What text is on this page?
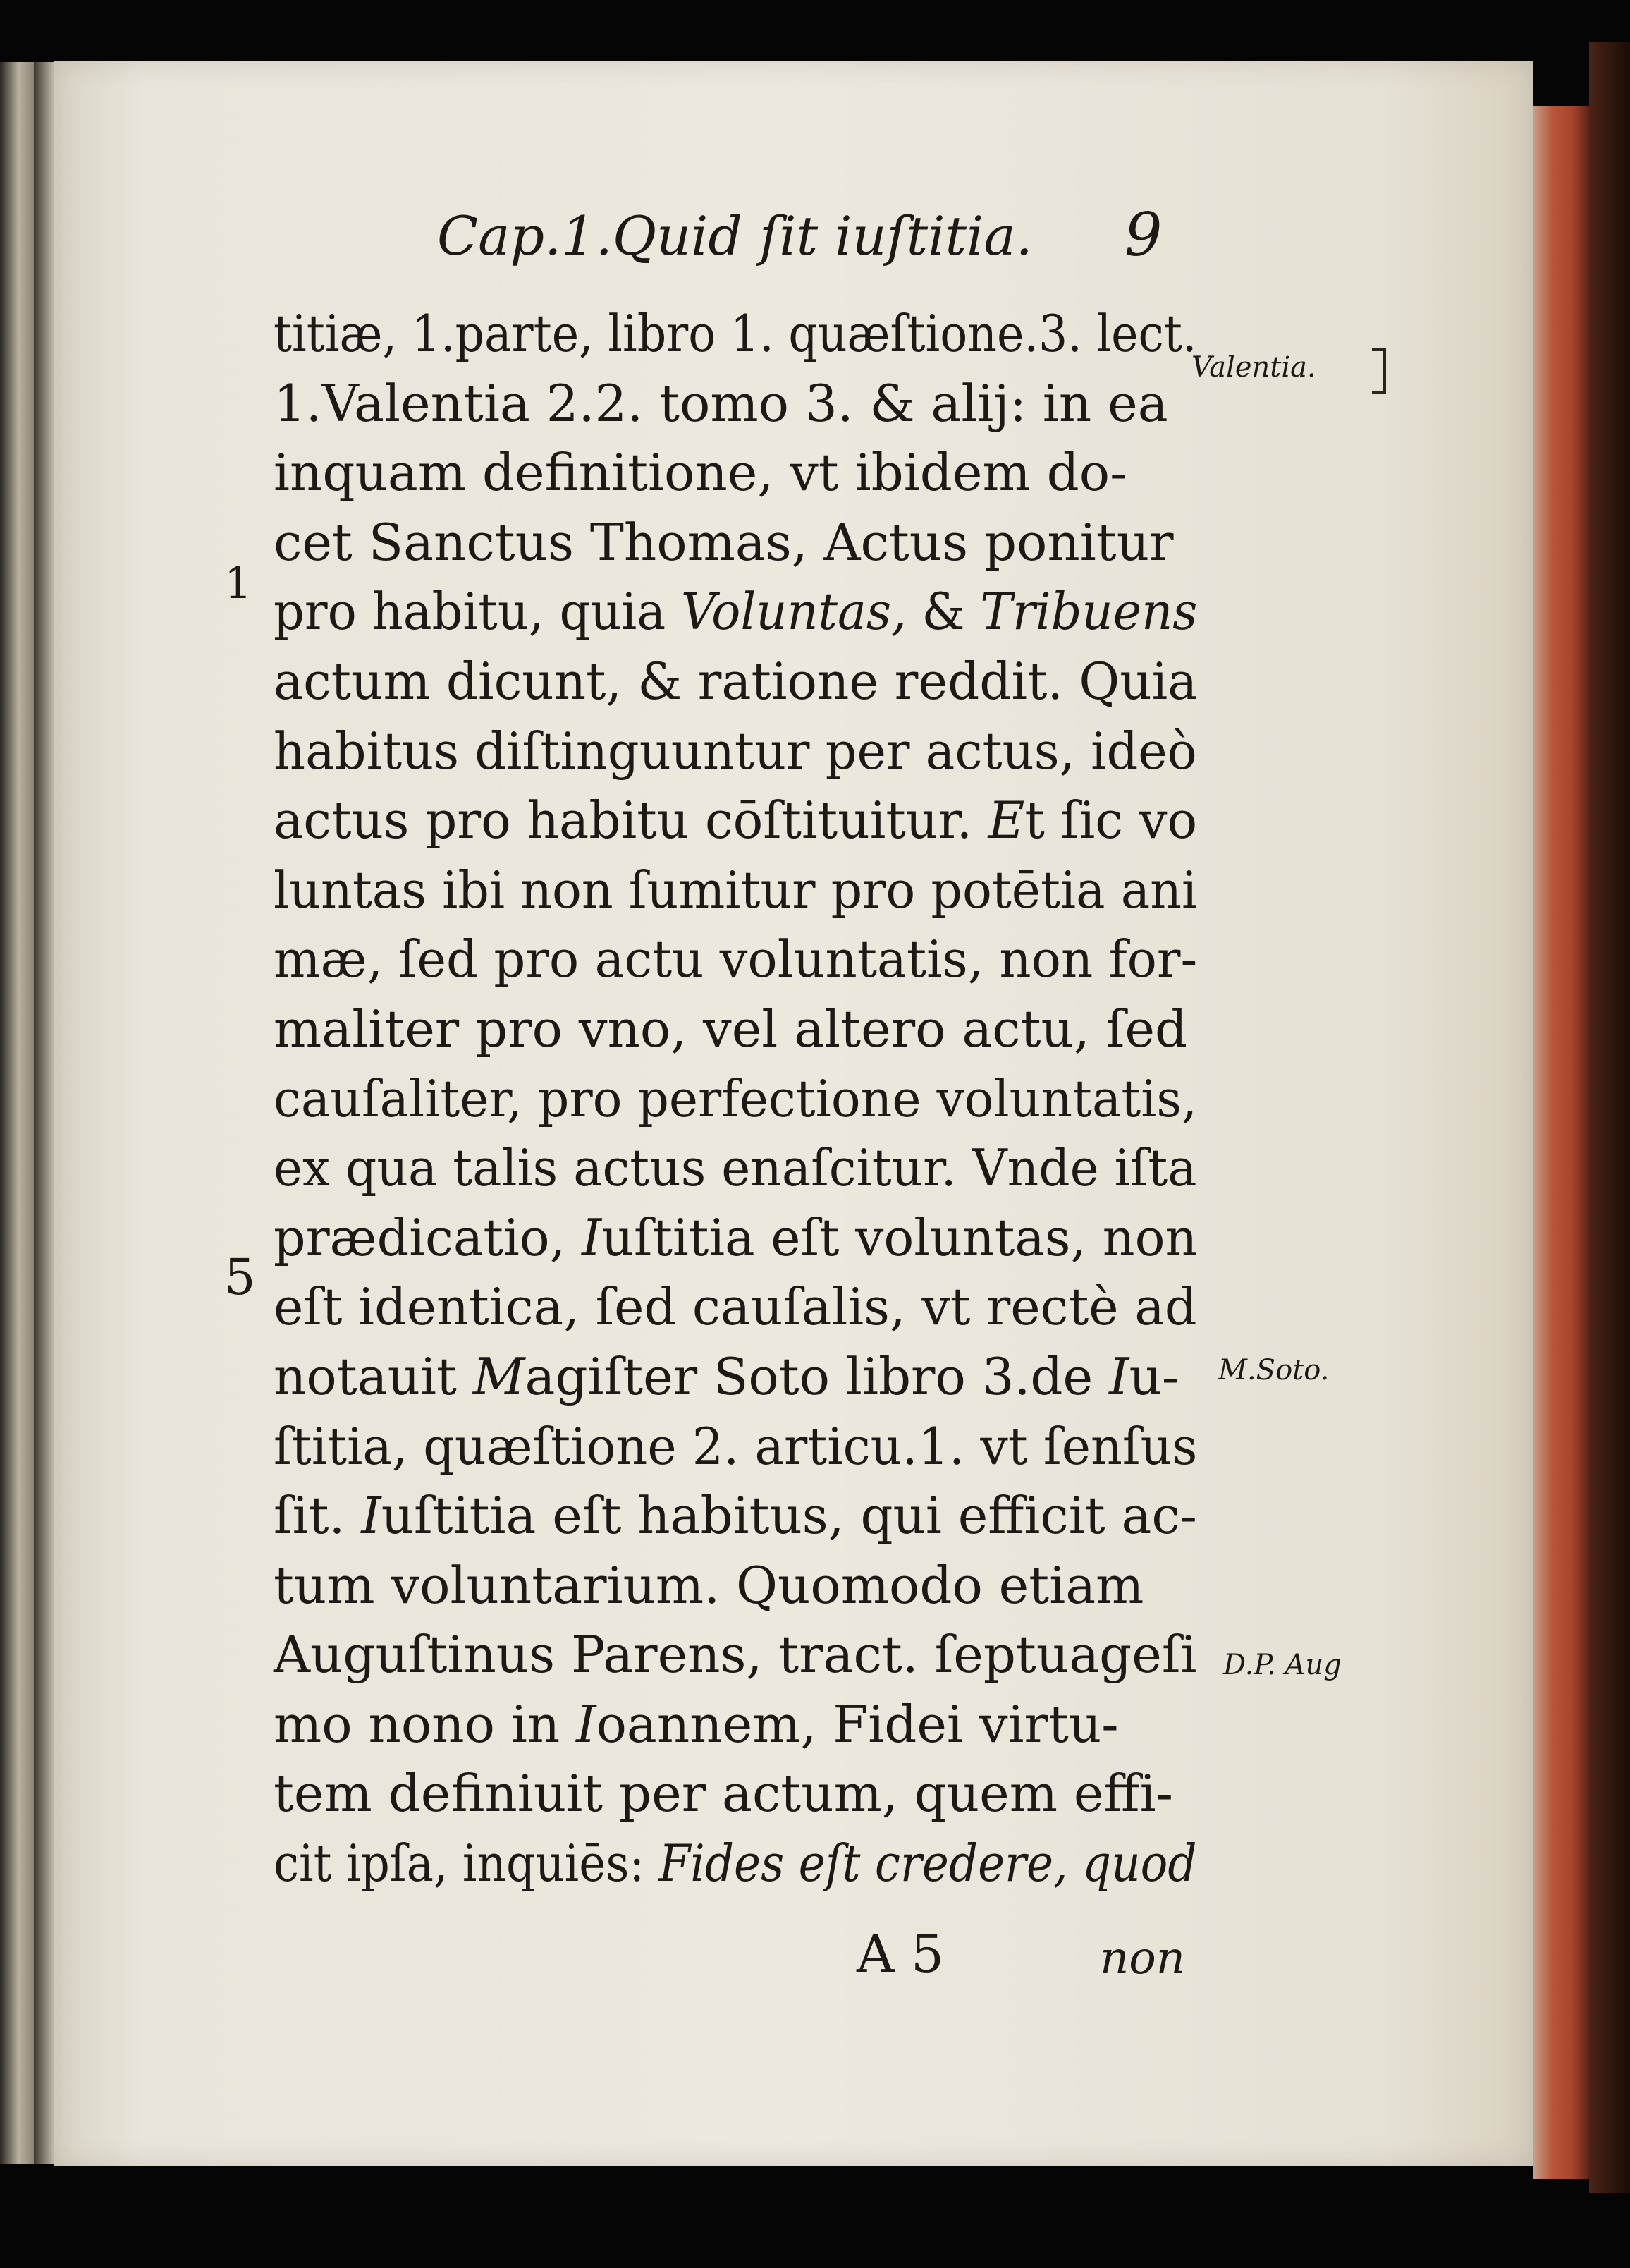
Cap.1.Quid ſit iuſtitia. 9
titiæ, 1.parte, libro 1. quæſtione.3. lect.
1.Valentia 2.2. tomo 3. & alij: in ea
inquam definitione, vt ibidem do-
cet Sanctus Thomas, Actus ponitur
pro habitu, quia Voluntas, & Tribuens
actum dicunt, & ratione reddit. Quia
habitus diſtinguuntur per actus, ideò
actus pro habitu cōſtituitur. Et ſic vo
luntas ibi non ſumitur pro potētia ani
mæ, ſed pro actu voluntatis, non for-
maliter pro vno, vel altero actu, ſed
cauſaliter, pro perfectione voluntatis,
ex qua talis actus enaſcitur. Vnde iſta
prædicatio, Iuſtitia eſt voluntas, non
eſt identica, ſed cauſalis, vt rectè ad
notauit Magiſter Soto libro 3.de Iu-
ſtitia, quæſtione 2. articu.1. vt ſenſus
ſit. Iuſtitia eſt habitus, qui efficit ac-
tum voluntarium. Quomodo etiam
Auguſtinus Parens, tract. ſeptuageſi
mo nono in Ioannem, Fidei virtu-
tem definiuit per actum, quem effi-
cit ipſa, inquiēs: Fides eſt credere, quod
Valentia.
M.Soto.
D.P. Aug
1
5
A 5	non
